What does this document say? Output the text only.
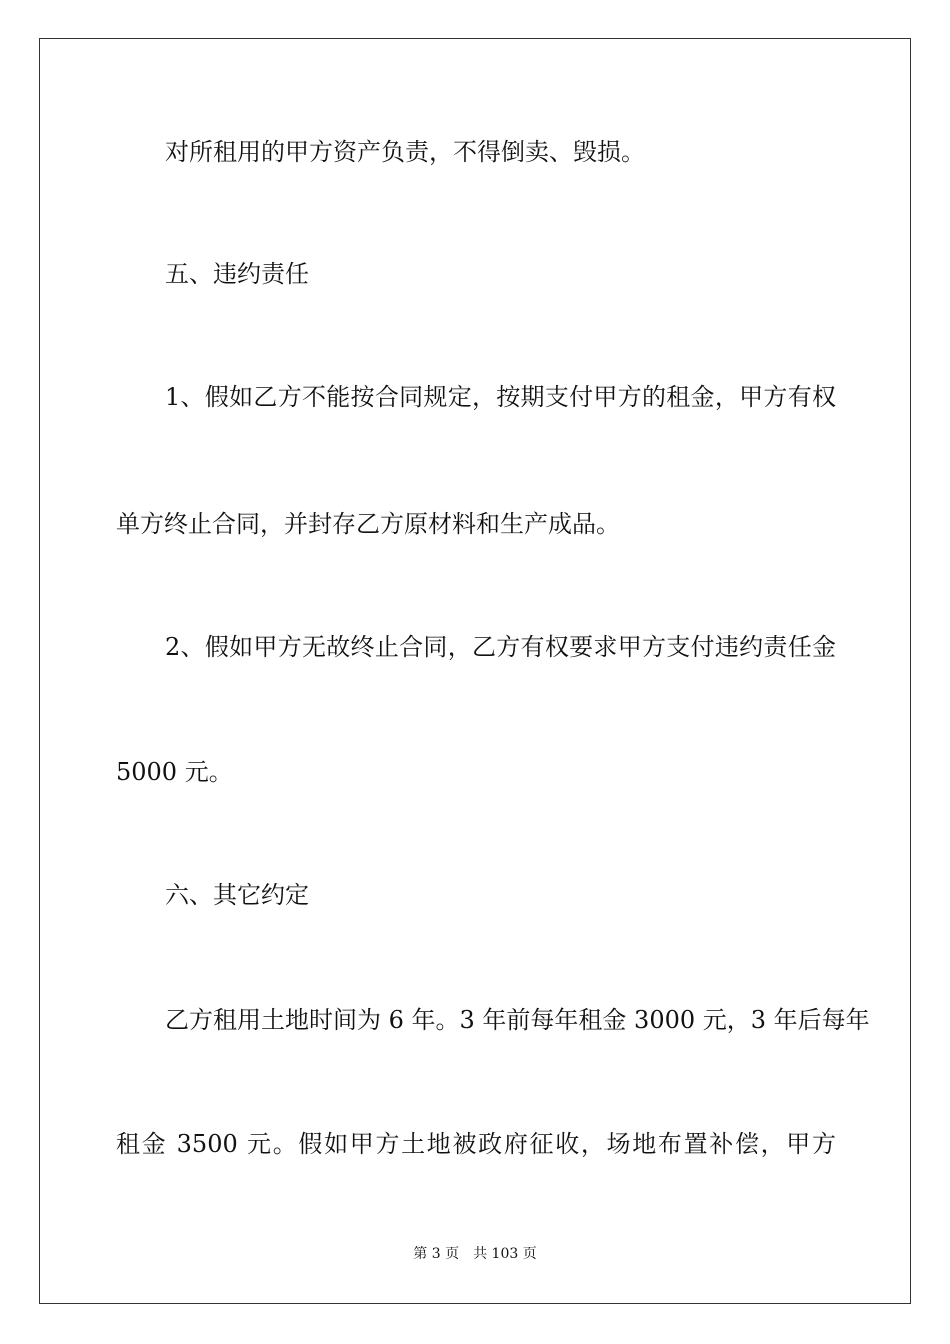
对所租用的甲方资产负责，不得倒卖、毁损。

五、违约责任

1、假如乙方不能按合同规定，按期支付甲方的租金，甲方有权

单方终止合同，并封存乙方原材料和生产成品。

2、假如甲方无故终止合同，乙方有权要求甲方支付违约责任金

5000 元。

六、其它约定

乙方租用土地时间为 6 年。3 年前每年租金 3000 元，3 年后每年

租金 3500 元。假如甲方土地被政府征收，场地布置补偿，甲方

第 3 页 共 103 页
